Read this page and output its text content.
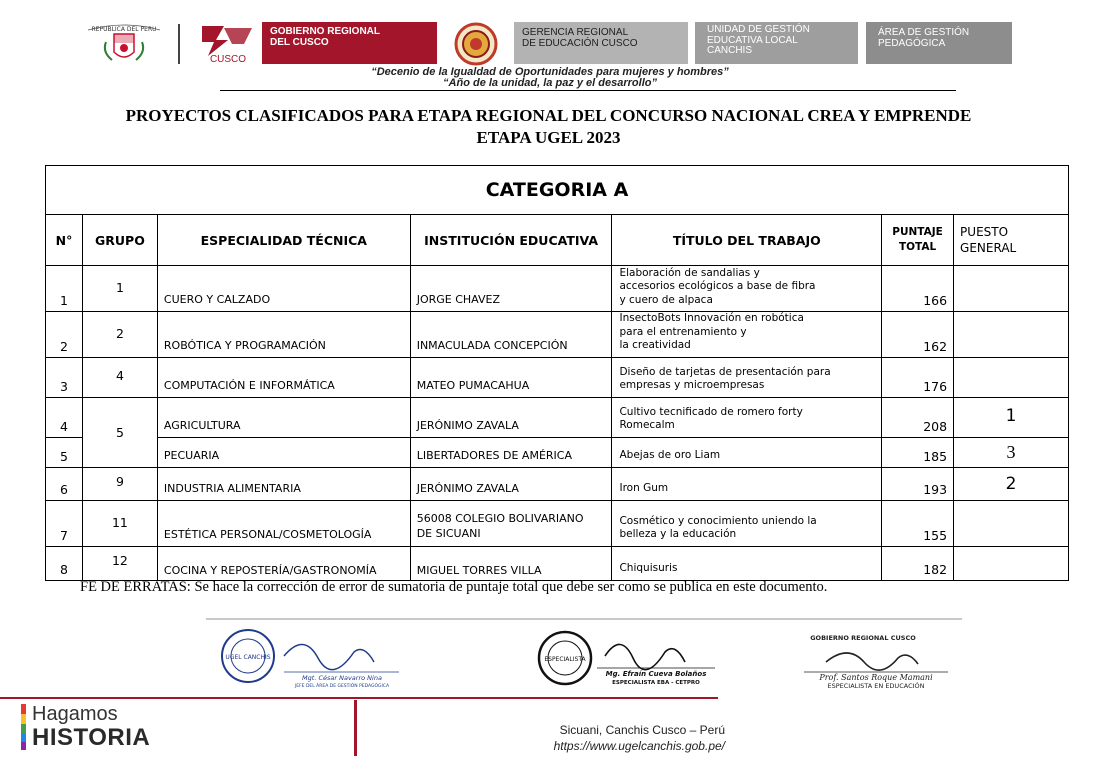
REPUBLICA DEL PERU
CUSCO
GOBIERNO REGIONAL
DEL CUSCO
GERENCIA REGIONAL
DE EDUCACIÓN CUSCO
UNIDAD DE GESTIÓN
EDUCATIVA LOCAL
CANCHIS
ÁREA DE GESTIÓN
PEDAGÓGICA
“Decenio de la Igualdad de Oportunidades para mujeres y hombres”
“Año de la unidad, la paz y el desarrollo”
PROYECTOS CLASIFICADOS PARA ETAPA REGIONAL DEL CONCURSO NACIONAL CREA Y EMPRENDE
ETAPA UGEL 2023
CATEGORIA A						
N°	GRUPO	ESPECIALIDAD TÉCNICA	INSTITUCIÓN EDUCATIVA	TÍTULO DEL TRABAJO	PUNTAJE
TOTAL	PUESTO
GENERAL
1	1	CUERO Y CALZADO	JORGE CHAVEZ	Elaboración de sandalias y
accesorios ecológicos a base de fibra
y cuero de alpaca	166	
2	2	ROBÓTICA Y PROGRAMACIÓN	INMACULADA CONCEPCIÓN	InsectoBots Innovación en robótica
para el entrenamiento y
la creatividad	162	
3	4	COMPUTACIÓN E INFORMÁTICA	MATEO PUMACAHUA	Diseño de tarjetas de presentación para
empresas y microempresas	176	
4	5	AGRICULTURA	JERÓNIMO ZAVALA	Cultivo tecnificado de romero forty
Romecalm	208	1
5		PECUARIA	LIBERTADORES DE AMÉRICA	Abejas de oro Liam	185	3
6	9	INDUSTRIA ALIMENTARIA	JERÓNIMO ZAVALA	Iron Gum	193	2
7	11	ESTÉTICA PERSONAL/COSMETOLOGÍA	56008 COLEGIO BOLIVARIANO
DE SICUANI	Cosmético y conocimiento uniendo la
belleza y la educación	155	
8	12	COCINA Y REPOSTERÍA/GASTRONOMÍA	MIGUEL TORRES VILLA	Chiquisuris	182	
FE DE ERRATAS: Se hace la corrección de error de sumatoria de puntaje total que debe ser como se publica en este documento.
UGEL CANCHIS
Mgt. César Navarro Nina
JEFE DEL ÁREA DE GESTIÓN PEDAGÓGICA
ESPECIALISTA
Mg. Efraín Cueva Bolaños
ESPECIALISTA EBA - CETPRO
GOBIERNO REGIONAL CUSCO
Prof. Santos Roque Mamani
ESPECIALISTA EN EDUCACIÓN
Hagamos
HISTORIA	Sicuani, Canchis Cusco – Perú
https://www.ugelcanchis.gob.pe/
